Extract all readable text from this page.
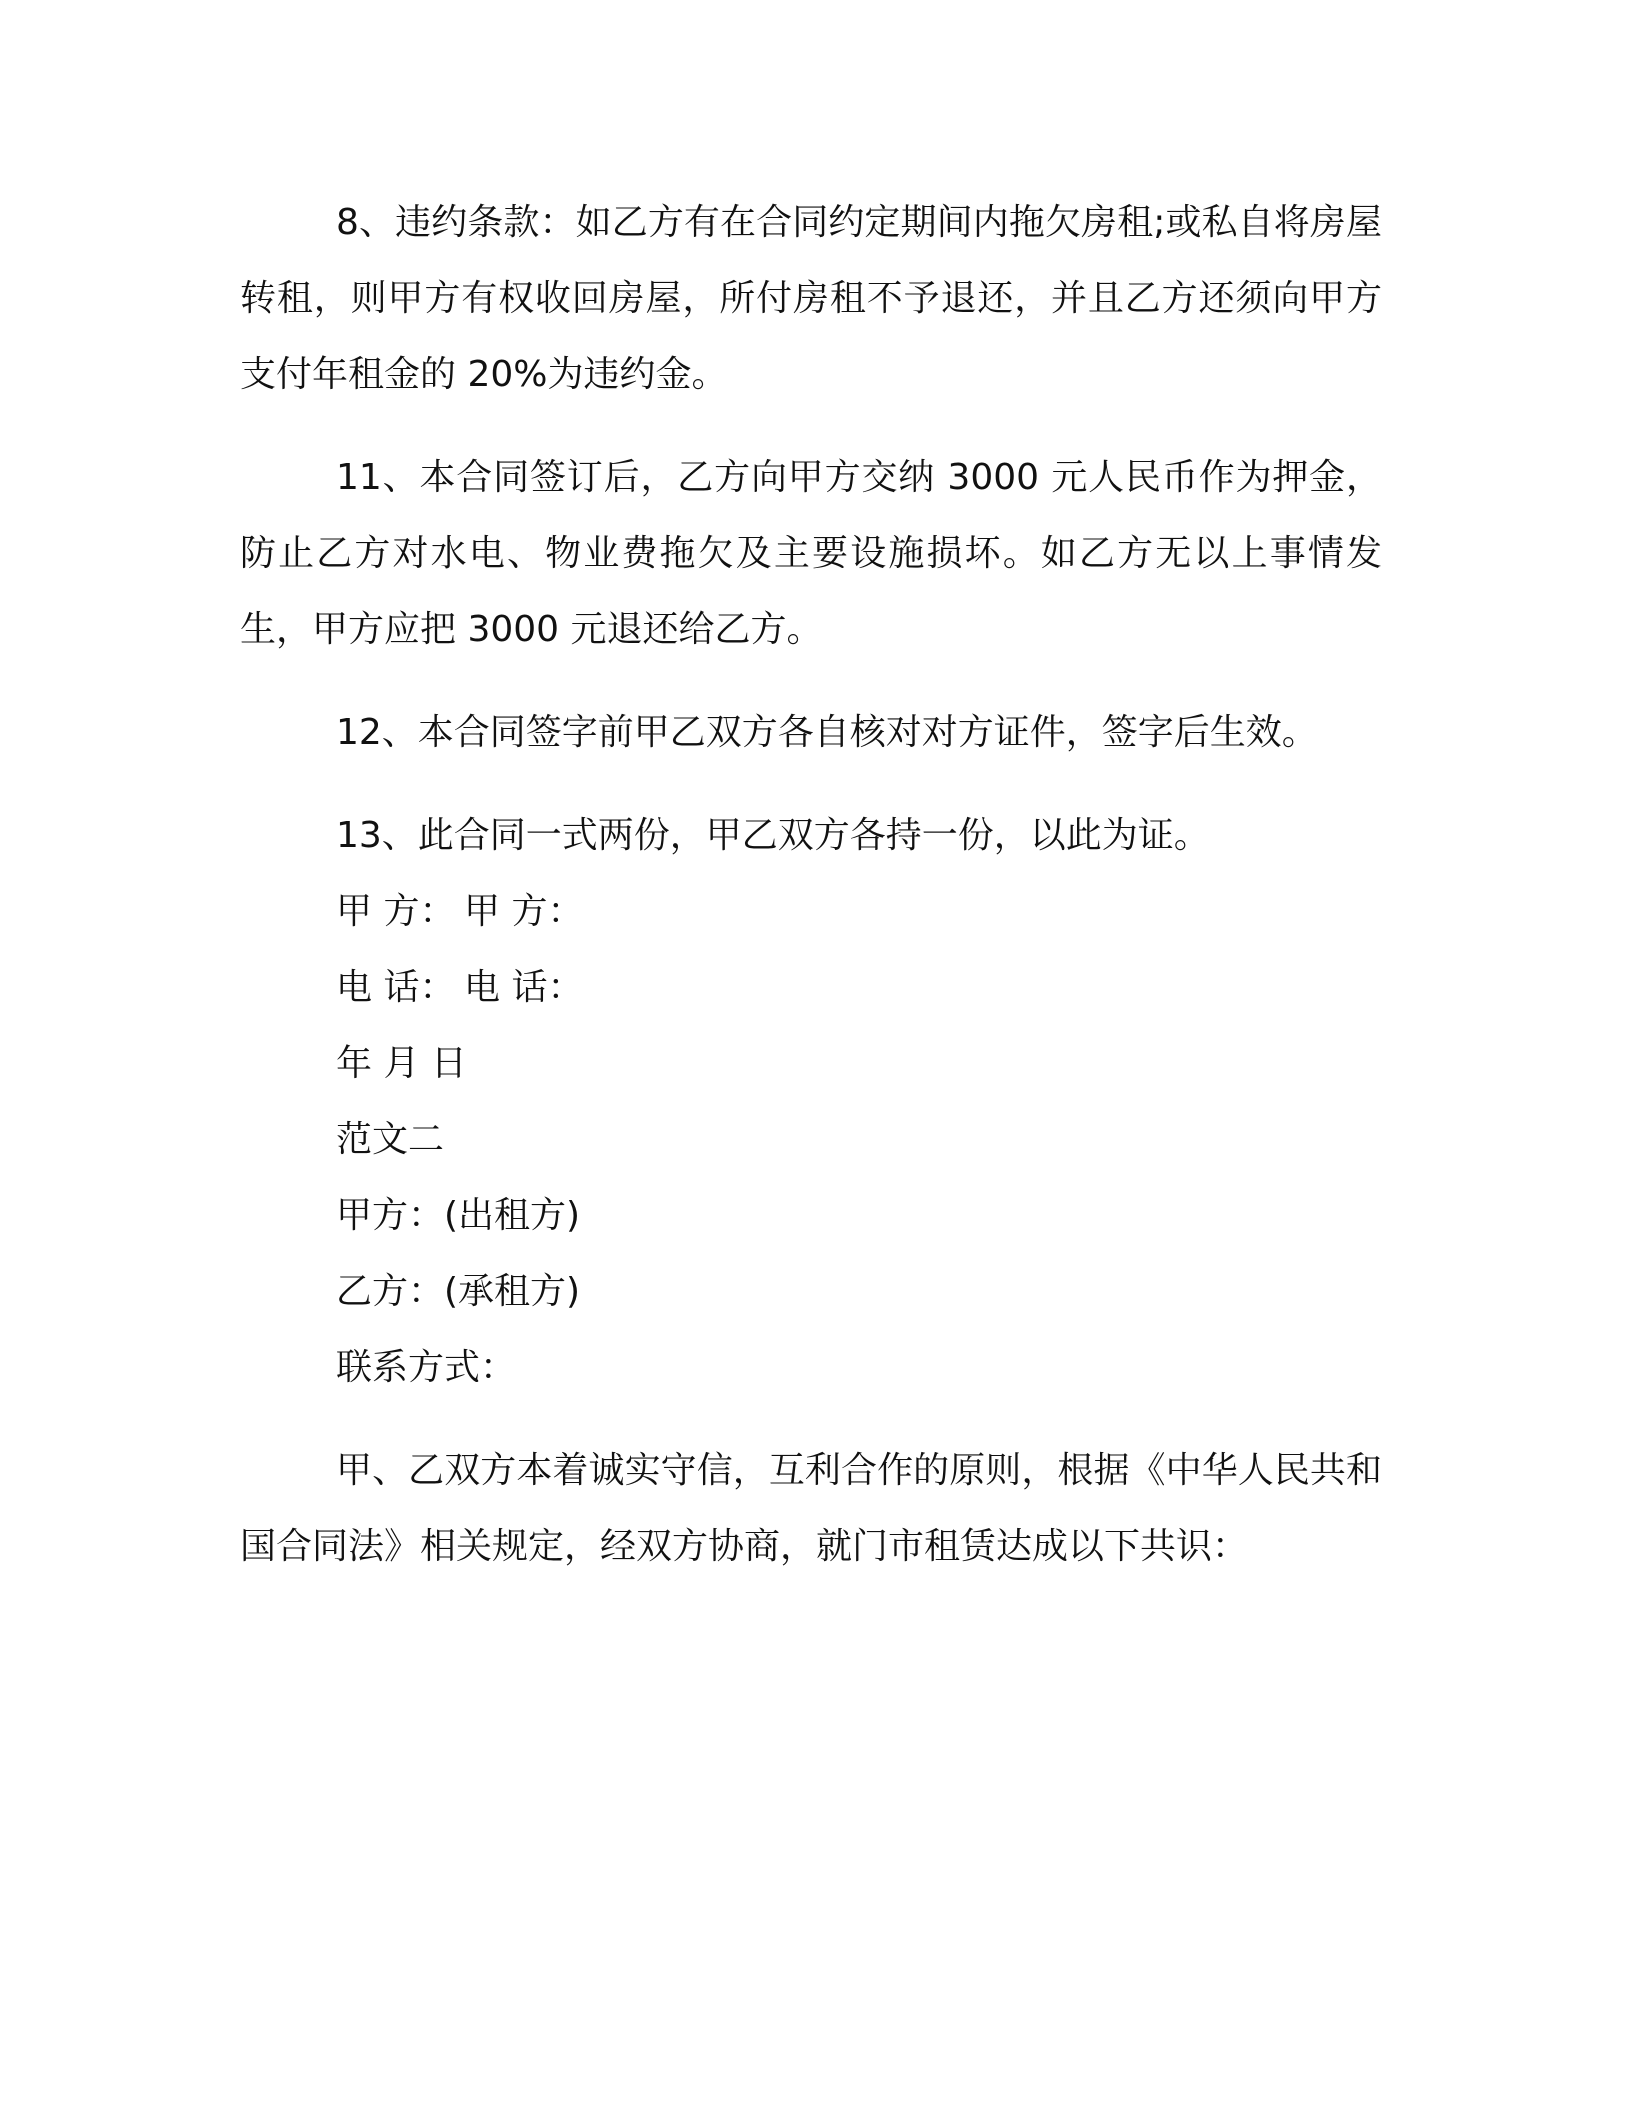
8、违约条款：如乙方有在合同约定期间内拖欠房租;或私自将房屋转租，则甲方有权收回房屋，所付房租不予退还，并且乙方还须向甲方支付年租金的 20%为违约金。

11、本合同签订后，乙方向甲方交纳 3000 元人民币作为押金，防止乙方对水电、物业费拖欠及主要设施损坏。如乙方无以上事情发生，甲方应把 3000 元退还给乙方。

12、本合同签字前甲乙双方各自核对对方证件，签字后生效。

13、此合同一式两份，甲乙双方各持一份，以此为证。

甲 方： 甲 方：

电 话： 电 话：

年 月 日

范文二

甲方：(出租方)

乙方：(承租方)

联系方式：

甲、乙双方本着诚实守信，互利合作的原则，根据《中华人民共和国合同法》相关规定，经双方协商，就门市租赁达成以下共识：
